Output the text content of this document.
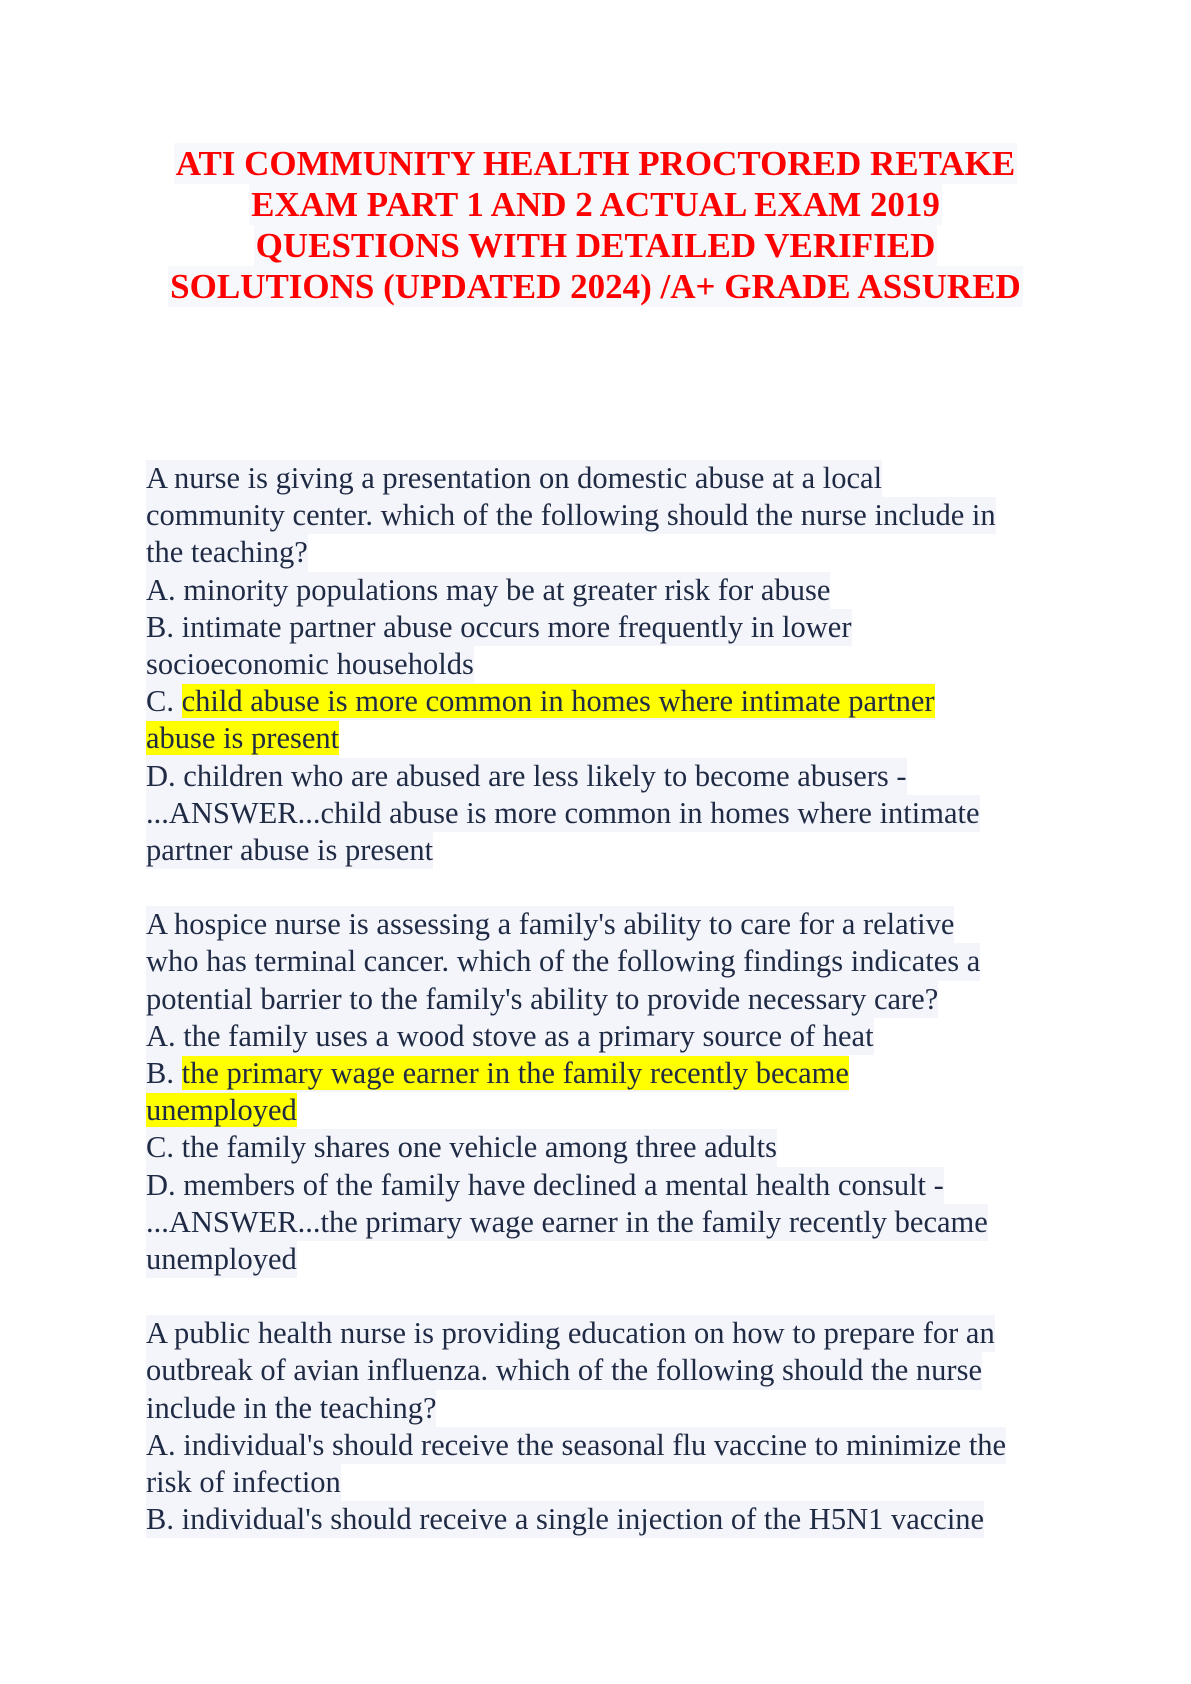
ATI COMMUNITY HEALTH PROCTORED RETAKE
EXAM PART 1 AND 2 ACTUAL EXAM 2019
QUESTIONS WITH DETAILED VERIFIED
SOLUTIONS (UPDATED 2024) /A+ GRADE ASSURED
A nurse is giving a presentation on domestic abuse at a local
community center. which of the following should the nurse include in
the teaching?
A. minority populations may be at greater risk for abuse
B. intimate partner abuse occurs more frequently in lower
socioeconomic households
C. child abuse is more common in homes where intimate partner
abuse is present
D. children who are abused are less likely to become abusers -
...ANSWER...child abuse is more common in homes where intimate
partner abuse is present
A hospice nurse is assessing a family's ability to care for a relative
who has terminal cancer. which of the following findings indicates a
potential barrier to the family's ability to provide necessary care?
A. the family uses a wood stove as a primary source of heat
B. the primary wage earner in the family recently became
unemployed
C. the family shares one vehicle among three adults
D. members of the family have declined a mental health consult -
...ANSWER...the primary wage earner in the family recently became
unemployed
A public health nurse is providing education on how to prepare for an
outbreak of avian influenza. which of the following should the nurse
include in the teaching?
A. individual's should receive the seasonal flu vaccine to minimize the
risk of infection
B. individual's should receive a single injection of the H5N1 vaccine
